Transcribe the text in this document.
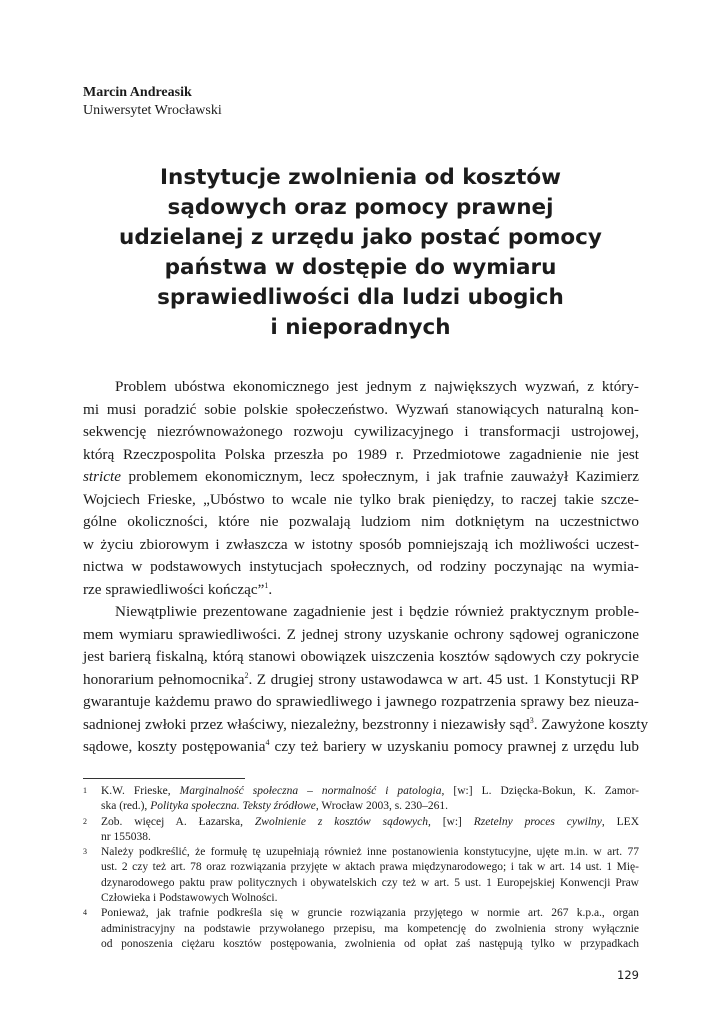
Marcin Andreasik
Uniwersytet Wrocławski
Instytucje zwolnienia od kosztów
sądowych oraz pomocy prawnej
udzielanej z urzędu jako postać pomocy
państwa w dostępie do wymiaru
sprawiedliwości dla ludzi ubogich
i nieporadnych
Problem ubóstwa ekonomicznego jest jednym z największych wyzwań, z który-
mi musi poradzić sobie polskie społeczeństwo. Wyzwań stanowiących naturalną kon-
sekwencję niezrównoważonego rozwoju cywilizacyjnego i transformacji ustrojowej,
którą Rzeczpospolita Polska przeszła po 1989 r. Przedmiotowe zagadnienie nie jest
stricte problemem ekonomicznym, lecz społecznym, i jak trafnie zauważył Kazimierz
Wojciech Frieske, „Ubóstwo to wcale nie tylko brak pieniędzy, to raczej takie szcze-
gólne okoliczności, które nie pozwalają ludziom nim dotkniętym na uczestnictwo
w życiu zbiorowym i zwłaszcza w istotny sposób pomniejszają ich możliwości uczest-
nictwa w podstawowych instytucjach społecznych, od rodziny poczynając na wymia-
rze sprawiedliwości kończąc”$^1$.
Niewątpliwie prezentowane zagadnienie jest i będzie również praktycznym proble-
mem wymiaru sprawiedliwości. Z jednej strony uzyskanie ochrony sądowej ograniczone
jest barierą fiskalną, którą stanowi obowiązek uiszczenia kosztów sądowych czy pokrycie
honorarium pełnomocnika$^2$. Z drugiej strony ustawodawca w art. 45 ust. 1 Konstytucji RP
gwarantuje każdemu prawo do sprawiedliwego i jawnego rozpatrzenia sprawy bez nieuza-
sadnionej zwłoki przez właściwy, niezależny, bezstronny i niezawisły sąd$^3$. Zawyżone koszty
sądowe, koszty postępowania$^4$ czy też bariery w uzyskaniu pomocy prawnej z urzędu lub
1 K.W. Frieske, Marginalność społeczna – normalność i patologia, [w:] L. Dzięcka-Bokun, K. Zamor-
ska (red.), Polityka społeczna. Teksty źródłowe, Wrocław 2003, s. 230–261.
2 Zob. więcej A. Łazarska, Zwolnienie z kosztów sądowych, [w:] Rzetelny proces cywilny, LEX
nr 155038.
3 Należy podkreślić, że formułę tę uzupełniają również inne postanowienia konstytucyjne, ujęte m.in. w art. 77
ust. 2 czy też art. 78 oraz rozwiązania przyjęte w aktach prawa międzynarodowego; i tak w art. 14 ust. 1 Mię-
dzynarodowego paktu praw politycznych i obywatelskich czy też w art. 5 ust. 1 Europejskiej Konwencji Praw
Człowieka i Podstawowych Wolności.
4 Ponieważ, jak trafnie podkreśla się w gruncie rozwiązania przyjętego w normie art. 267 k.p.a., organ
administracyjny na podstawie przywołanego przepisu, ma kompetencję do zwolnienia strony wyłącznie
od ponoszenia ciężaru kosztów postępowania, zwolnienia od opłat zaś następują tylko w przypadkach
129
